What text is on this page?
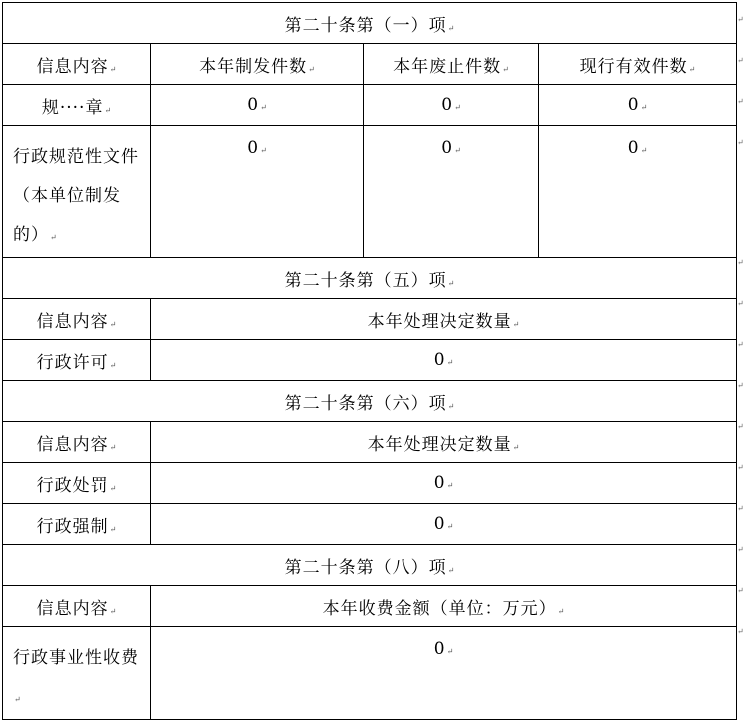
第二十条第（一）项↵			
信息内容↵	本年制发件数↵	本年废止件数↵	现行有效件数↵
规····章↵	0↵	0↵	0↵
行政规范性文件（本单位制发的）↵	0↵	0↵	0↵
第二十条第（五）项↵			
信息内容↵	本年处理决定数量↵		
行政许可↵	0↵		
第二十条第（六）项↵			
信息内容↵	本年处理决定数量↵		
行政处罚↵	0↵		
行政强制↵	0↵		
第二十条第（八）项↵			
信息内容↵	本年收费金额（单位：万元）↵		
行政事业性收费↵	0↵		
↵
↵
↵
↵
↵
↵
↵
↵
↵
↵
↵
↵
↵
↵
